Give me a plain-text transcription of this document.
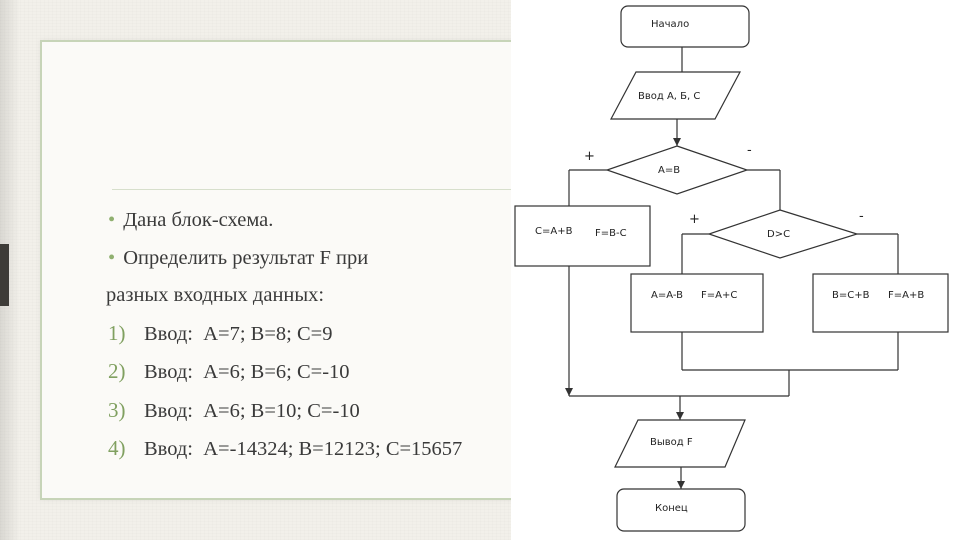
• Дана блок-схема.
• Определить результат F при
разных входных данных:
1) Ввод: A=7; B=8; C=9
2) Ввод: A=6; B=6; C=-10
3) Ввод: A=6; B=10; C=-10
4) Ввод: A=-14324; B=12123; C=15657
Начало
Ввод А, Б, С
A=B
+	-
C=A+B F=B-C	D>C
+	-
A=A-B F=A+C	B=C+B F=A+B
Вывод F
Конец
